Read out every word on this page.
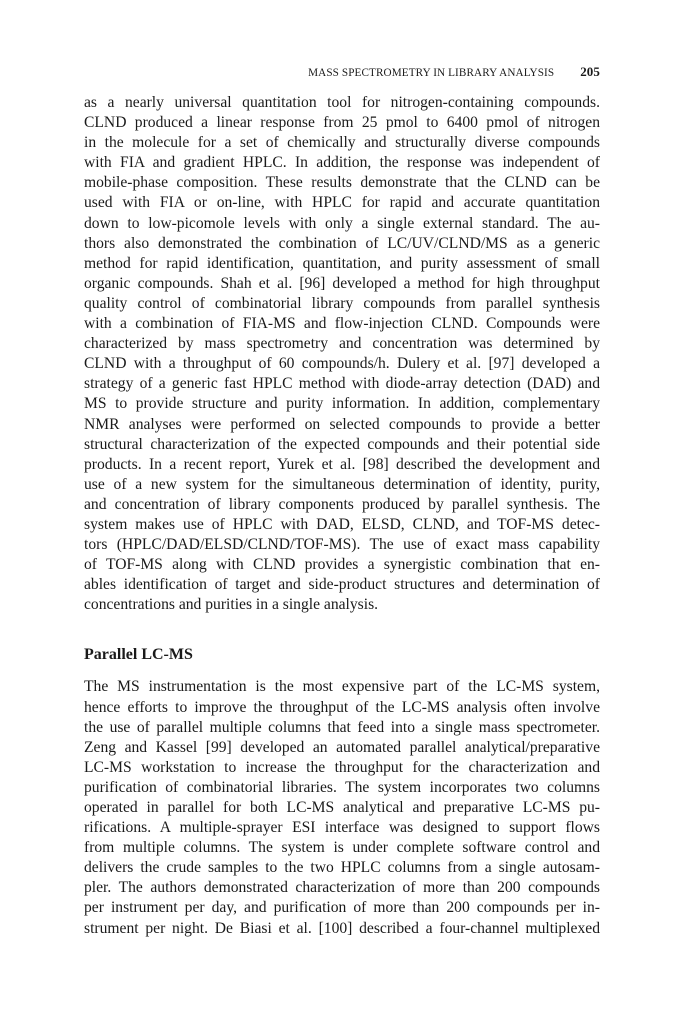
MASS SPECTROMETRY IN LIBRARY ANALYSIS 205
as a nearly universal quantitation tool for nitrogen-containing compounds.
CLND produced a linear response from 25 pmol to 6400 pmol of nitrogen
in the molecule for a set of chemically and structurally diverse compounds
with FIA and gradient HPLC. In addition, the response was independent of
mobile-phase composition. These results demonstrate that the CLND can be
used with FIA or on-line, with HPLC for rapid and accurate quantitation
down to low-picomole levels with only a single external standard. The au-
thors also demonstrated the combination of LC/UV/CLND/MS as a generic
method for rapid identification, quantitation, and purity assessment of small
organic compounds. Shah et al. [96] developed a method for high throughput
quality control of combinatorial library compounds from parallel synthesis
with a combination of FIA-MS and flow-injection CLND. Compounds were
characterized by mass spectrometry and concentration was determined by
CLND with a throughput of 60 compounds/h. Dulery et al. [97] developed a
strategy of a generic fast HPLC method with diode-array detection (DAD) and
MS to provide structure and purity information. In addition, complementary
NMR analyses were performed on selected compounds to provide a better
structural characterization of the expected compounds and their potential side
products. In a recent report, Yurek et al. [98] described the development and
use of a new system for the simultaneous determination of identity, purity,
and concentration of library components produced by parallel synthesis. The
system makes use of HPLC with DAD, ELSD, CLND, and TOF-MS detec-
tors (HPLC/DAD/ELSD/CLND/TOF-MS). The use of exact mass capability
of TOF-MS along with CLND provides a synergistic combination that en-
ables identification of target and side-product structures and determination of
concentrations and purities in a single analysis.
Parallel LC-MS
The MS instrumentation is the most expensive part of the LC-MS system,
hence efforts to improve the throughput of the LC-MS analysis often involve
the use of parallel multiple columns that feed into a single mass spectrometer.
Zeng and Kassel [99] developed an automated parallel analytical/preparative
LC-MS workstation to increase the throughput for the characterization and
purification of combinatorial libraries. The system incorporates two columns
operated in parallel for both LC-MS analytical and preparative LC-MS pu-
rifications. A multiple-sprayer ESI interface was designed to support flows
from multiple columns. The system is under complete software control and
delivers the crude samples to the two HPLC columns from a single autosam-
pler. The authors demonstrated characterization of more than 200 compounds
per instrument per day, and purification of more than 200 compounds per in-
strument per night. De Biasi et al. [100] described a four-channel multiplexed
